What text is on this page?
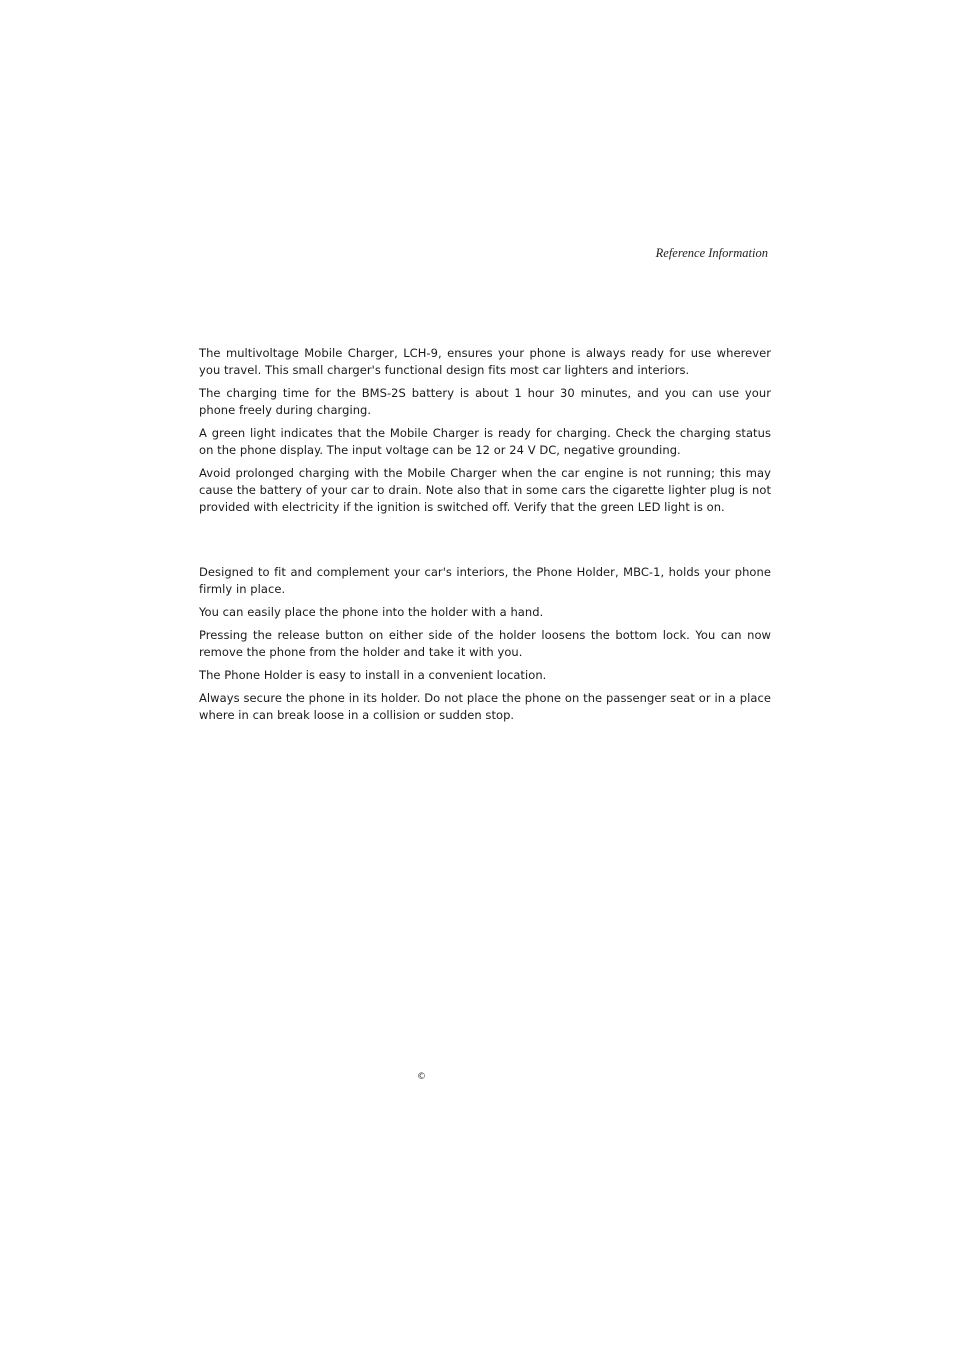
Reference Information

The multivoltage Mobile Charger, LCH-9, ensures your phone is always ready for use wherever you travel. This small charger's functional design fits most car lighters and interiors.

The charging time for the BMS-2S battery is about 1 hour 30 minutes, and you can use your phone freely during charging.

A green light indicates that the Mobile Charger is ready for charging. Check the charging status on the phone display. The input voltage can be 12 or 24 V DC, negative grounding.

Avoid prolonged charging with the Mobile Charger when the car engine is not running; this may cause the battery of your car to drain. Note also that in some cars the cigarette lighter plug is not provided with electricity if the ignition is switched off. Verify that the green LED light is on.

Designed to fit and complement your car's interiors, the Phone Holder, MBC-1, holds your phone firmly in place.

You can easily place the phone into the holder with a hand.

Pressing the release button on either side of the holder loosens the bottom lock. You can now remove the phone from the holder and take it with you.

The Phone Holder is easy to install in a convenient location.

Always secure the phone in its holder. Do not place the phone on the passenger seat or in a place where in can break loose in a collision or sudden stop.

©
